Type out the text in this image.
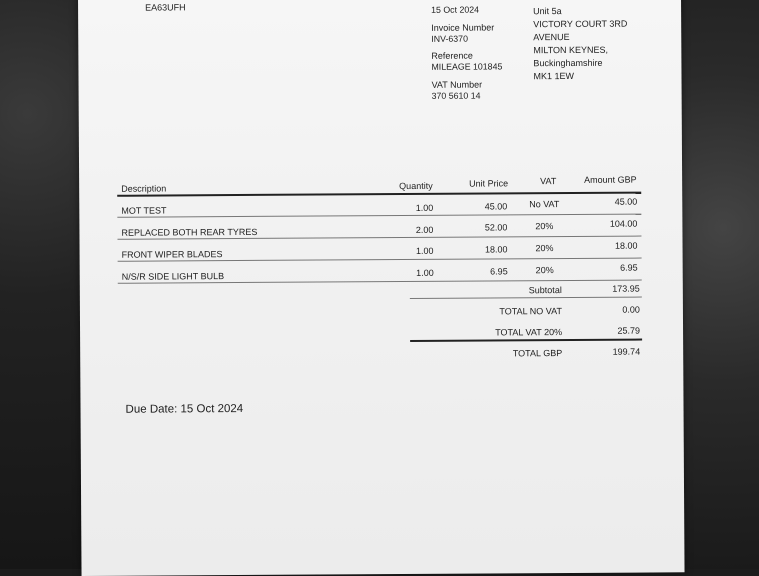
EA63UFH	15 Oct 2024
Invoice Number
INV-6370
Reference
MILEAGE 101845
VAT Number
370 5610 14
Unit 5a
VICTORY COURT 3RD
AVENUE
MILTON KEYNES,
Buckinghamshire
MK1 1EW
Description	Quantity	Unit Price	VAT	Amount GBP
MOT TEST	1.00	45.00	No VAT	45.00
REPLACED BOTH REAR TYRES	2.00	52.00	20%	104.00
FRONT WIPER BLADES	1.00	18.00	20%	18.00
N/S/R SIDE LIGHT BULB	1.00	6.95	20%	6.95
Subtotal	173.95
TOTAL NO VAT	0.00
TOTAL VAT 20%	25.79
TOTAL GBP	199.74
Due Date: 15 Oct 2024
